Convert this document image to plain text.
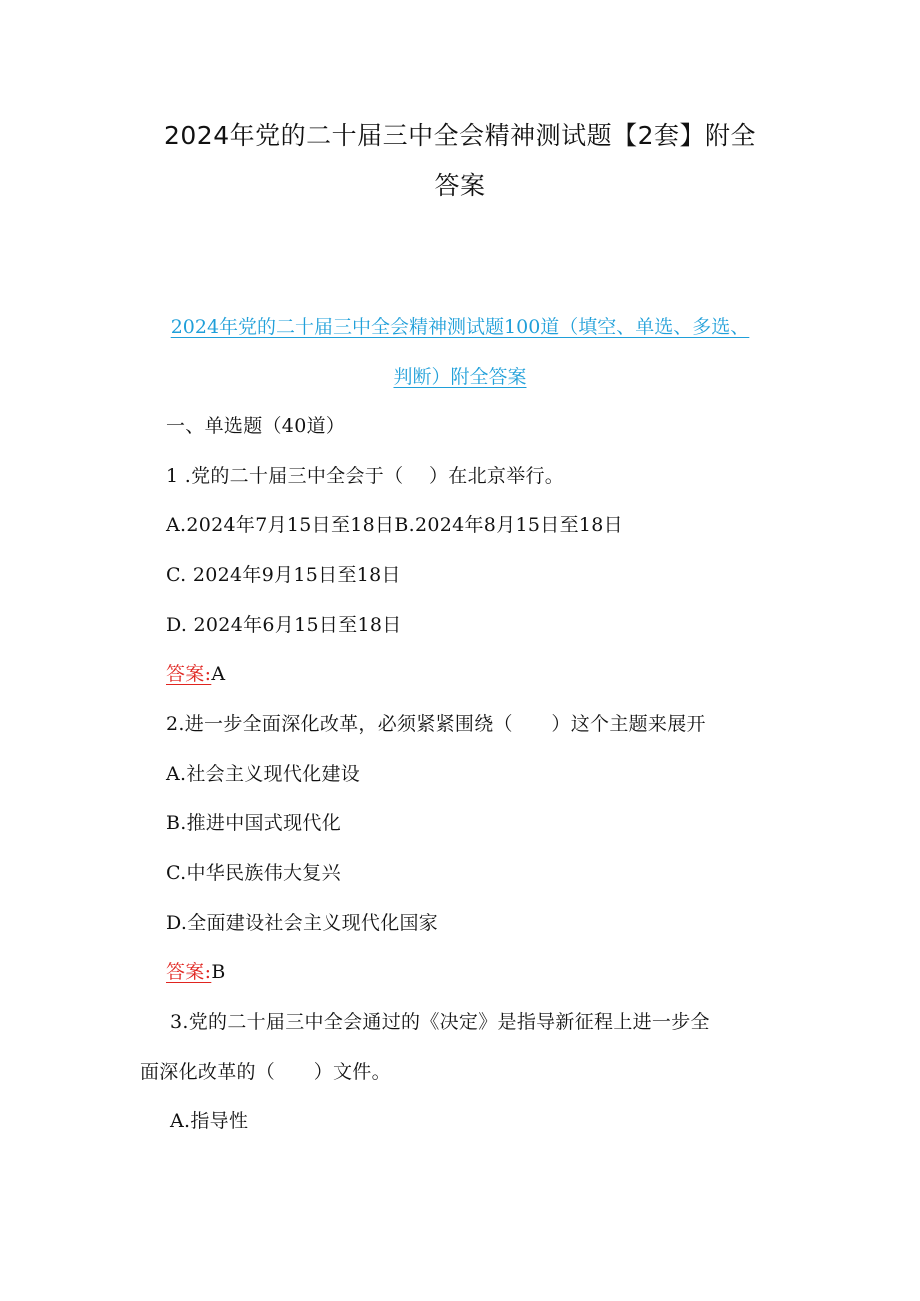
2024年党的二十届三中全会精神测试题【2套】附全
答案
2024年党的二十届三中全会精神测试题100道（填空、单选、多选、
判断）附全答案
一、单选题（40道）
1 .党的二十届三中全会于（　 ）在北京举行。
A.2024年7月15日至18日B.2024年8月15日至18日
C. 2024年9月15日至18日
D. 2024年6月15日至18日
答案:A
2.进一步全面深化改革，必须紧紧围绕（　　）这个主题来展开
A.社会主义现代化建设
B.推进中国式现代化
C.中华民族伟大复兴
D.全面建设社会主义现代化国家
答案:B
3.党的二十届三中全会通过的《决定》是指导新征程上进一步全
面深化改革的（　　）文件。
A.指导性
